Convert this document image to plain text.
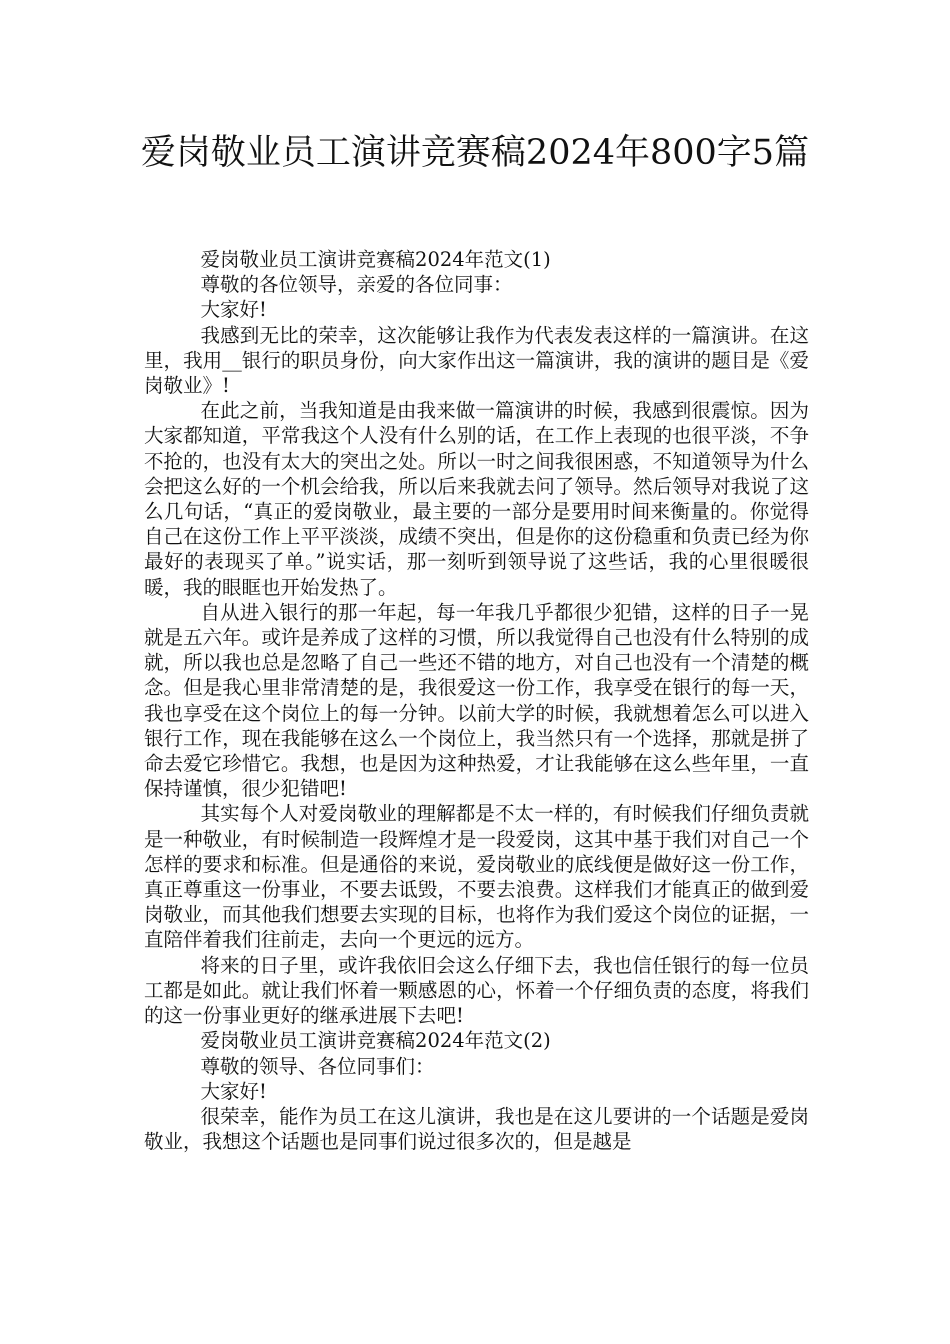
爱岗敬业员工演讲竞赛稿2024年800字5篇

爱岗敬业员工演讲竞赛稿2024年范文(1)

尊敬的各位领导，亲爱的各位同事：

大家好!

我感到无比的荣幸，这次能够让我作为代表发表这样的一篇演讲。在这里，我用__银行的职员身份，向大家作出这一篇演讲，我的演讲的题目是《爱岗敬业》!

在此之前，当我知道是由我来做一篇演讲的时候，我感到很震惊。因为大家都知道，平常我这个人没有什么别的话，在工作上表现的也很平淡，不争不抢的，也没有太大的突出之处。所以一时之间我很困惑，不知道领导为什么会把这么好的一个机会给我，所以后来我就去问了领导。然后领导对我说了这么几句话，“真正的爱岗敬业，最主要的一部分是要用时间来衡量的。你觉得自己在这份工作上平平淡淡，成绩不突出，但是你的这份稳重和负责已经为你最好的表现买了单。”说实话，那一刻听到领导说了这些话，我的心里很暖很暖，我的眼眶也开始发热了。

自从进入银行的那一年起，每一年我几乎都很少犯错，这样的日子一晃就是五六年。或许是养成了这样的习惯，所以我觉得自己也没有什么特别的成就，所以我也总是忽略了自己一些还不错的地方，对自己也没有一个清楚的概念。但是我心里非常清楚的是，我很爱这一份工作，我享受在银行的每一天，我也享受在这个岗位上的每一分钟。以前大学的时候，我就想着怎么可以进入银行工作，现在我能够在这么一个岗位上，我当然只有一个选择，那就是拼了命去爱它珍惜它。我想，也是因为这种热爱，才让我能够在这么些年里，一直保持谨慎，很少犯错吧!

其实每个人对爱岗敬业的理解都是不太一样的，有时候我们仔细负责就是一种敬业，有时候制造一段辉煌才是一段爱岗，这其中基于我们对自己一个怎样的要求和标准。但是通俗的来说，爱岗敬业的底线便是做好这一份工作，真正尊重这一份事业，不要去诋毁，不要去浪费。这样我们才能真正的做到爱岗敬业，而其他我们想要去实现的目标，也将作为我们爱这个岗位的证据，一直陪伴着我们往前走，去向一个更远的远方。

将来的日子里，或许我依旧会这么仔细下去，我也信任银行的每一位员工都是如此。就让我们怀着一颗感恩的心，怀着一个仔细负责的态度，将我们的这一份事业更好的继承进展下去吧!

爱岗敬业员工演讲竞赛稿2024年范文(2)

尊敬的领导、各位同事们：

大家好!

很荣幸，能作为员工在这儿演讲，我也是在这儿要讲的一个话题是爱岗敬业，我想这个话题也是同事们说过很多次的，但是越是
